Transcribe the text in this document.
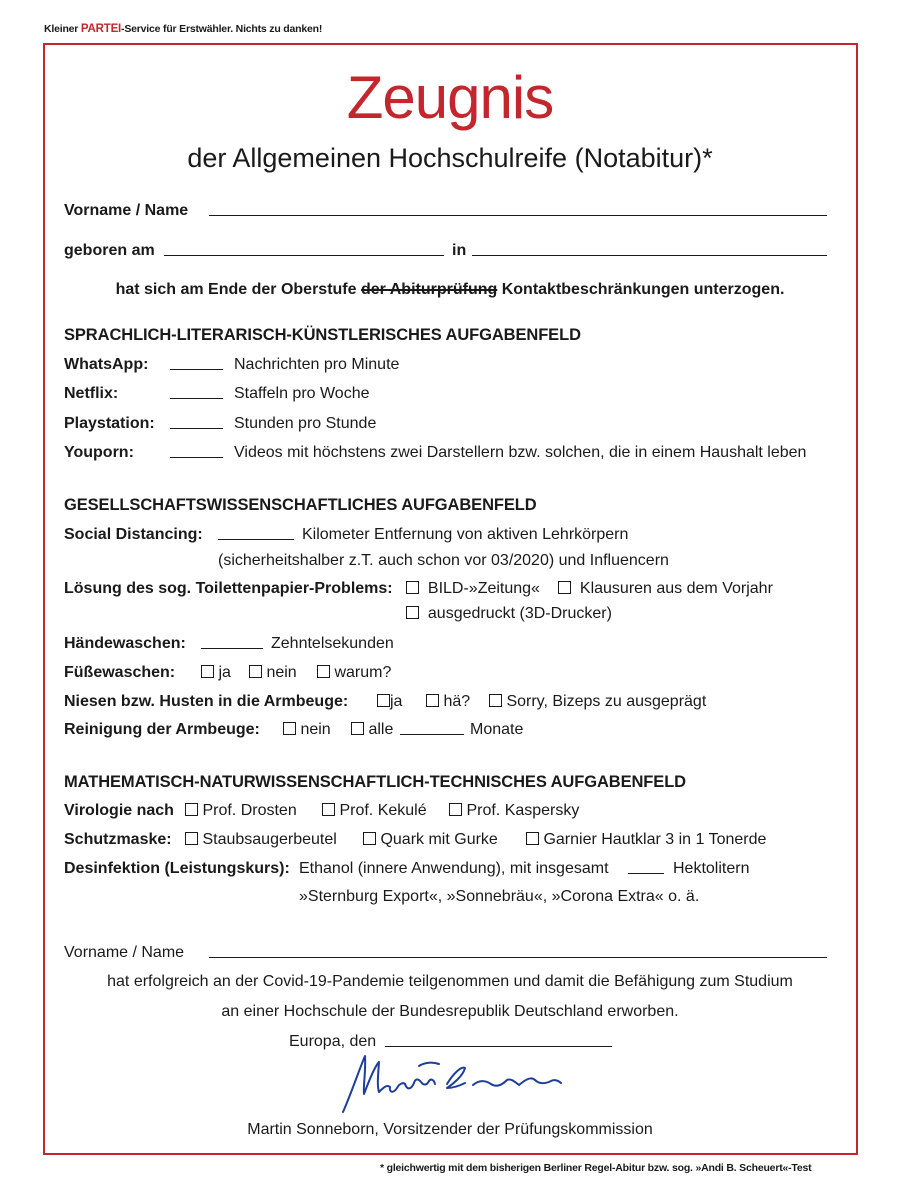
Kleiner PARTEI-Service für Erstwähler. Nichts zu danken!
Zeugnis
der Allgemeinen Hochschulreife (Notabitur)*
Vorname / Name
geboren am	in
hat sich am Ende der Oberstufe der Abiturprüfung Kontaktbeschränkungen unterzogen.
SPRACHLICH-LITERARISCH-KÜNSTLERISCHES AUFGABENFELD
WhatsApp:	Nachrichten pro Minute
Netflix:	Staffeln pro Woche
Playstation:	Stunden pro Stunde
Youporn:	Videos mit höchstens zwei Darstellern bzw. solchen, die in einem Haushalt leben
GESELLSCHAFTSWISSENSCHAFTLICHES AUFGABENFELD
Social Distancing:	Kilometer Entfernung von aktiven Lehrkörpern
(sicherheitshalber z.T. auch schon vor 03/2020) und Influencern
Lösung des sog. Toilettenpapier-Problems:	BILD-»Zeitung«	Klausuren aus dem Vorjahr
ausgedruckt (3D-Drucker)
Händewaschen:	Zehntelsekunden
Füßewaschen:	ja	nein	warum?
Niesen bzw. Husten in die Armbeuge:	ja	hä?	Sorry, Bizeps zu ausgeprägt
Reinigung der Armbeuge:	nein	alle	Monate
MATHEMATISCH-NATURWISSENSCHAFTLICH-TECHNISCHES AUFGABENFELD
Virologie nach	Prof. Drosten	Prof. Kekulé	Prof. Kaspersky
Schutzmaske:	Staubsaugerbeutel	Quark mit Gurke	Garnier Hautklar 3 in 1 Tonerde
Desinfektion (Leistungskurs): Ethanol (innere Anwendung), mit insgesamt	Hektolitern
»Sternburg Export«, »Sonnebräu«, »Corona Extra« o. ä.
Vorname / Name
hat erfolgreich an der Covid-19-Pandemie teilgenommen und damit die Befähigung zum Studium
an einer Hochschule der Bundesrepublik Deutschland erworben.
Europa, den
Martin Sonneborn, Vorsitzender der Prüfungskommission
* gleichwertig mit dem bisherigen Berliner Regel-Abitur bzw. sog. »Andi B. Scheuert«-Test
